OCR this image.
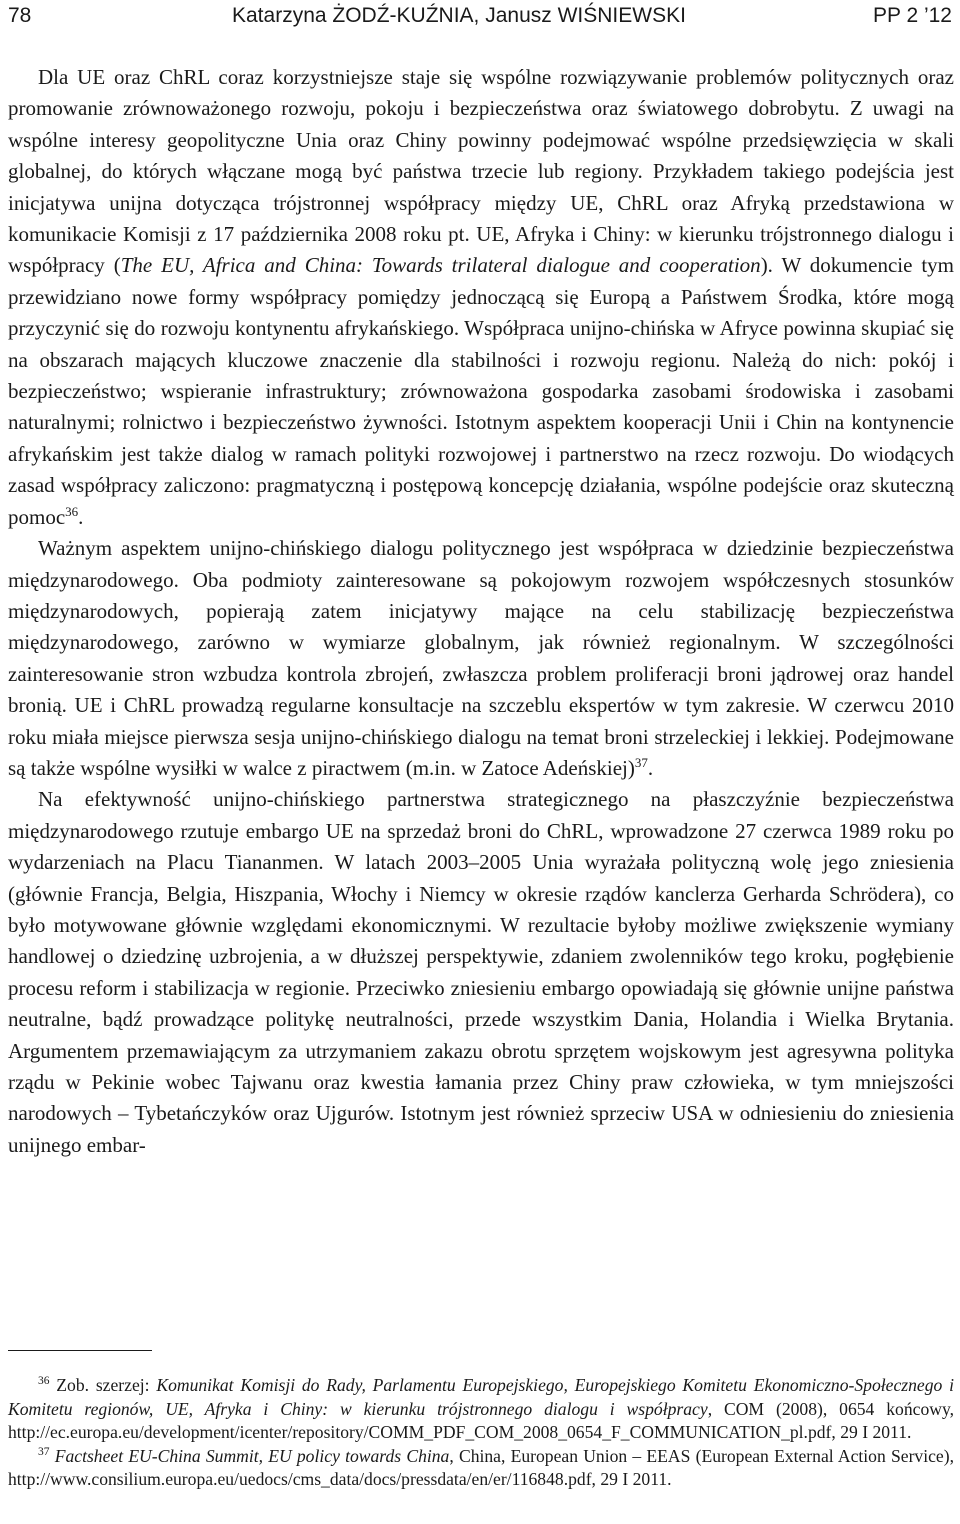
78	Katarzyna ŻODŹ-KUŹNIA, Janusz WIŚNIEWSKI	PP 2 ’12

Dla UE oraz ChRL coraz korzystniejsze staje się wspólne rozwiązywanie problemów politycznych oraz promowanie zrównoważonego rozwoju, pokoju i bezpieczeństwa oraz światowego dobrobytu. Z uwagi na wspólne interesy geopolityczne Unia oraz Chiny powinny podejmować wspólne przedsięwzięcia w skali globalnej, do których włączane mogą być państwa trzecie lub regiony. Przykładem takiego podejścia jest inicjatywa unijna dotycząca trójstronnej współpracy między UE, ChRL oraz Afryką przedstawiona w komunikacie Komisji z 17 października 2008 roku pt. UE, Afryka i Chiny: w kierunku trójstronnego dialogu i współpracy (The EU, Africa and China: Towards trilateral dialogue and cooperation). W dokumencie tym przewidziano nowe formy współpracy pomiędzy jednoczącą się Europą a Państwem Środka, które mogą przyczynić się do rozwoju kontynentu afrykańskiego. Współpraca unijno-chińska w Afryce powinna skupiać się na obszarach mających kluczowe znaczenie dla stabilności i rozwoju regionu. Należą do nich: pokój i bezpieczeństwo; wspieranie infrastruktury; zrównoważona gospodarka zasobami środowiska i zasobami naturalnymi; rolnictwo i bezpieczeństwo żywności. Istotnym aspektem kooperacji Unii i Chin na kontynencie afrykańskim jest także dialog w ramach polityki rozwojowej i partnerstwo na rzecz rozwoju. Do wiodących zasad współpracy zaliczono: pragmatyczną i postępową koncepcję działania, wspólne podejście oraz skuteczną pomoc$^{36}$.

Ważnym aspektem unijno-chińskiego dialogu politycznego jest współpraca w dziedzinie bezpieczeństwa międzynarodowego. Oba podmioty zainteresowane są pokojowym rozwojem współczesnych stosunków międzynarodowych, popierają zatem inicjatywy mające na celu stabilizację bezpieczeństwa międzynarodowego, zarówno w wymiarze globalnym, jak również regionalnym. W szczególności zainteresowanie stron wzbudza kontrola zbrojeń, zwłaszcza problem proliferacji broni jądrowej oraz handel bronią. UE i ChRL prowadzą regularne konsultacje na szczeblu ekspertów w tym zakresie. W czerwcu 2010 roku miała miejsce pierwsza sesja unijno-chińskiego dialogu na temat broni strzeleckiej i lekkiej. Podejmowane są także wspólne wysiłki w walce z piractwem (m.in. w Zatoce Adeńskiej)$^{37}$.

Na efektywność unijno-chińskiego partnerstwa strategicznego na płaszczyźnie bezpieczeństwa międzynarodowego rzutuje embargo UE na sprzedaż broni do ChRL, wprowadzone 27 czerwca 1989 roku po wydarzeniach na Placu Tiananmen. W latach 2003–2005 Unia wyrażała polityczną wolę jego zniesienia (głównie Francja, Belgia, Hiszpania, Włochy i Niemcy w okresie rządów kanclerza Gerharda Schrödera), co było motywowane głównie względami ekonomicznymi. W rezultacie byłoby możliwe zwiększenie wymiany handlowej o dziedzinę uzbrojenia, a w dłuższej perspektywie, zdaniem zwolenników tego kroku, pogłębienie procesu reform i stabilizacja w regionie. Przeciwko zniesieniu embargo opowiadają się głównie unijne państwa neutralne, bądź prowadzące politykę neutralności, przede wszystkim Dania, Holandia i Wielka Brytania. Argumentem przemawiającym za utrzymaniem zakazu obrotu sprzętem wojskowym jest agresywna polityka rządu w Pekinie wobec Tajwanu oraz kwestia łamania przez Chiny praw człowieka, w tym mniejszości narodowych – Tybetańczyków oraz Ujgurów. Istotnym jest również sprzeciw USA w odniesieniu do zniesienia unijnego embar-

$^{36}$ Zob. szerzej: Komunikat Komisji do Rady, Parlamentu Europejskiego, Europejskiego Komitetu Ekonomiczno-Społecznego i Komitetu regionów, UE, Afryka i Chiny: w kierunku trójstronnego dialogu i współpracy, COM (2008), 0654 końcowy, http://ec.europa.eu/development/icenter/repository/COMM_PDF_COM_2008_0654_F_COMMUNICATION_pl.pdf, 29 I 2011.

$^{37}$ Factsheet EU-China Summit, EU policy towards China, China, European Union – EEAS (European External Action Service), http://www.consilium.europa.eu/uedocs/cms_data/docs/pressdata/en/er/116848.pdf, 29 I 2011.
